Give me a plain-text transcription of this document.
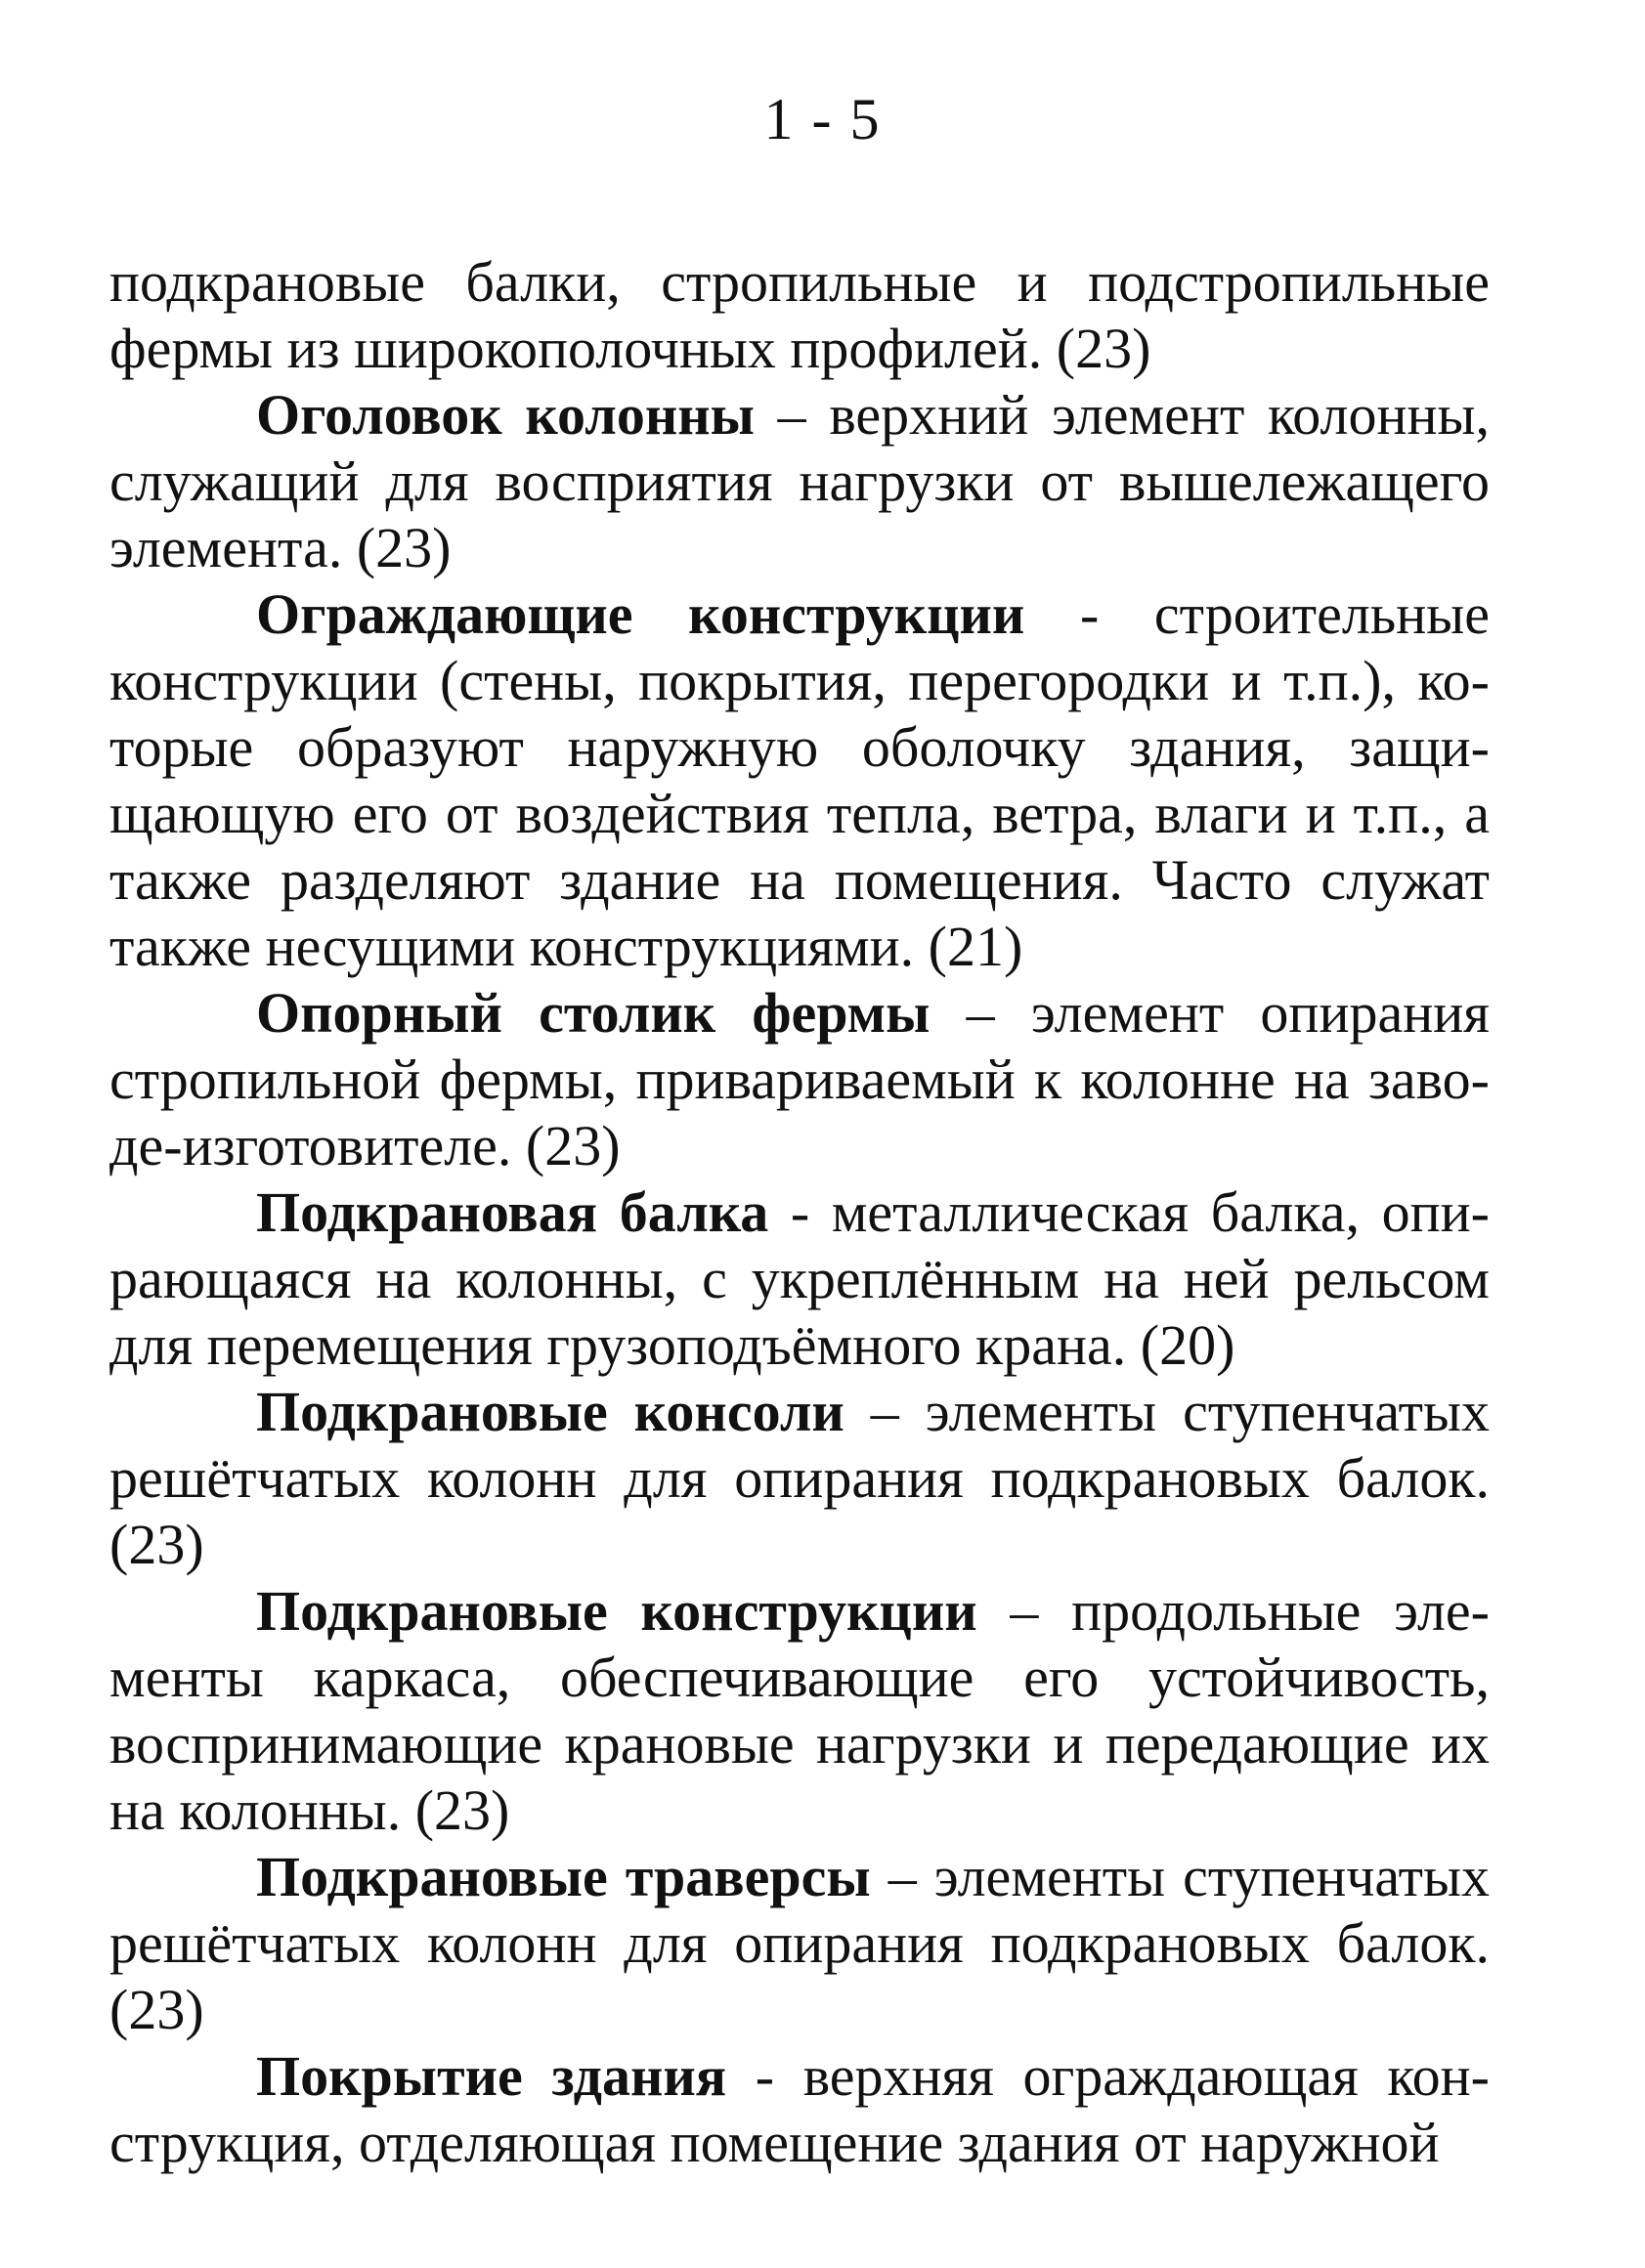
1 - 5

подкрановые балки, стропильные и подстропильные фермы из широкополочных профилей. (23)

Оголовок колонны – верхний элемент колонны, служащий для восприятия нагрузки от вышележащего элемента. (23)

Ограждающие конструкции - строительные конструкции (стены, покрытия, перегородки и т.п.), которые образуют наружную оболочку здания, защищающую его от воздействия тепла, ветра, влаги и т.п., а также разделяют здание на помещения. Часто служат также несущими конструкциями. (21)

Опорный столик фермы – элемент опирания стропильной фермы, привариваемый к колонне на заводе-изготовителе. (23)

Подкрановая балка - металлическая балка, опирающаяся на колонны, с укреплённым на ней рельсом для перемещения грузоподъёмного крана. (20)

Подкрановые консоли – элементы ступенчатых решётчатых колонн для опирания подкрановых балок. (23)

Подкрановые конструкции – продольные элементы каркаса, обеспечивающие его устойчивость, воспринимающие крановые нагрузки и передающие их на колонны. (23)

Подкрановые траверсы – элементы ступенчатых решётчатых колонн для опирания подкрановых балок. (23)

Покрытие здания - верхняя ограждающая конструкция, отделяющая помещение здания от наружной
